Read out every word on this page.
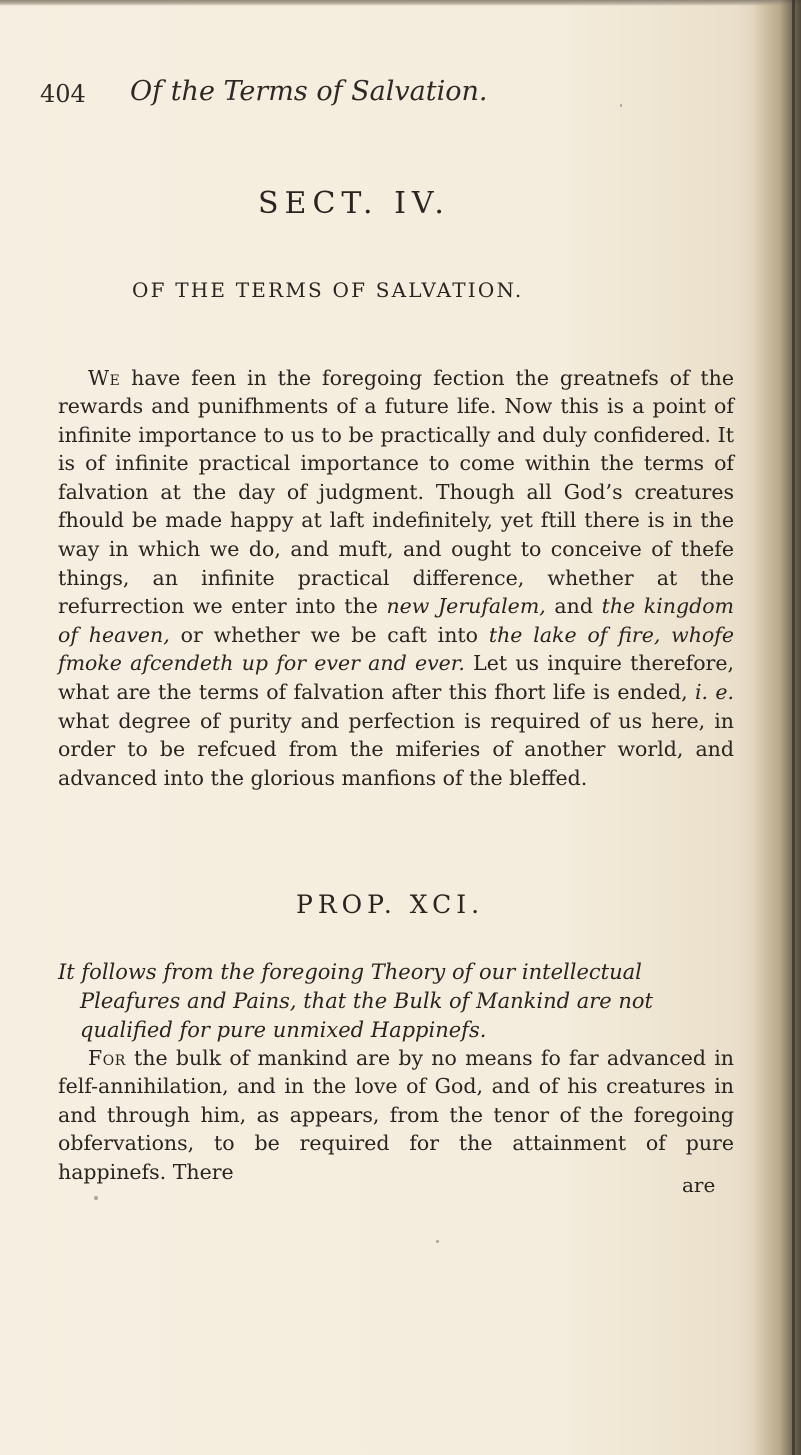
404 Of the Terms of Salvation.
SECT. IV.
OF THE TERMS OF SALVATION.

We have feen in the foregoing fection the greatnefs of the rewards and punifhments of a future life. Now this is a point of infinite importance to us to be practically and duly confidered. It is of infinite practical importance to come within the terms of falvation at the day of judgment. Though all God’s creatures fhould be made happy at laft indefinitely, yet ftill there is in the way in which we do, and muft, and ought to conceive of thefe things, an infinite practical difference, whether at the refurrection we enter into the new Jerufalem, and the kingdom of heaven, or whether we be caft into the lake of fire, whofe fmoke afcendeth up for ever and ever. Let us inquire therefore, what are the terms of falvation after this fhort life is ended, i. e. what degree of purity and perfection is required of us here, in order to be refcued from the miferies of another world, and advanced into the glorious manfions of the bleffed.

PROP. XCI.

It follows from the foregoing Theory of our intellectual Pleafures and Pains, that the Bulk of Mankind are not qualified for pure unmixed Happinefs.

For the bulk of mankind are by no means fo far advanced in felf-annihilation, and in the love of God, and of his creatures in and through him, as appears, from the tenor of the foregoing obfervations, to be required for the attainment of pure happinefs. There

are
